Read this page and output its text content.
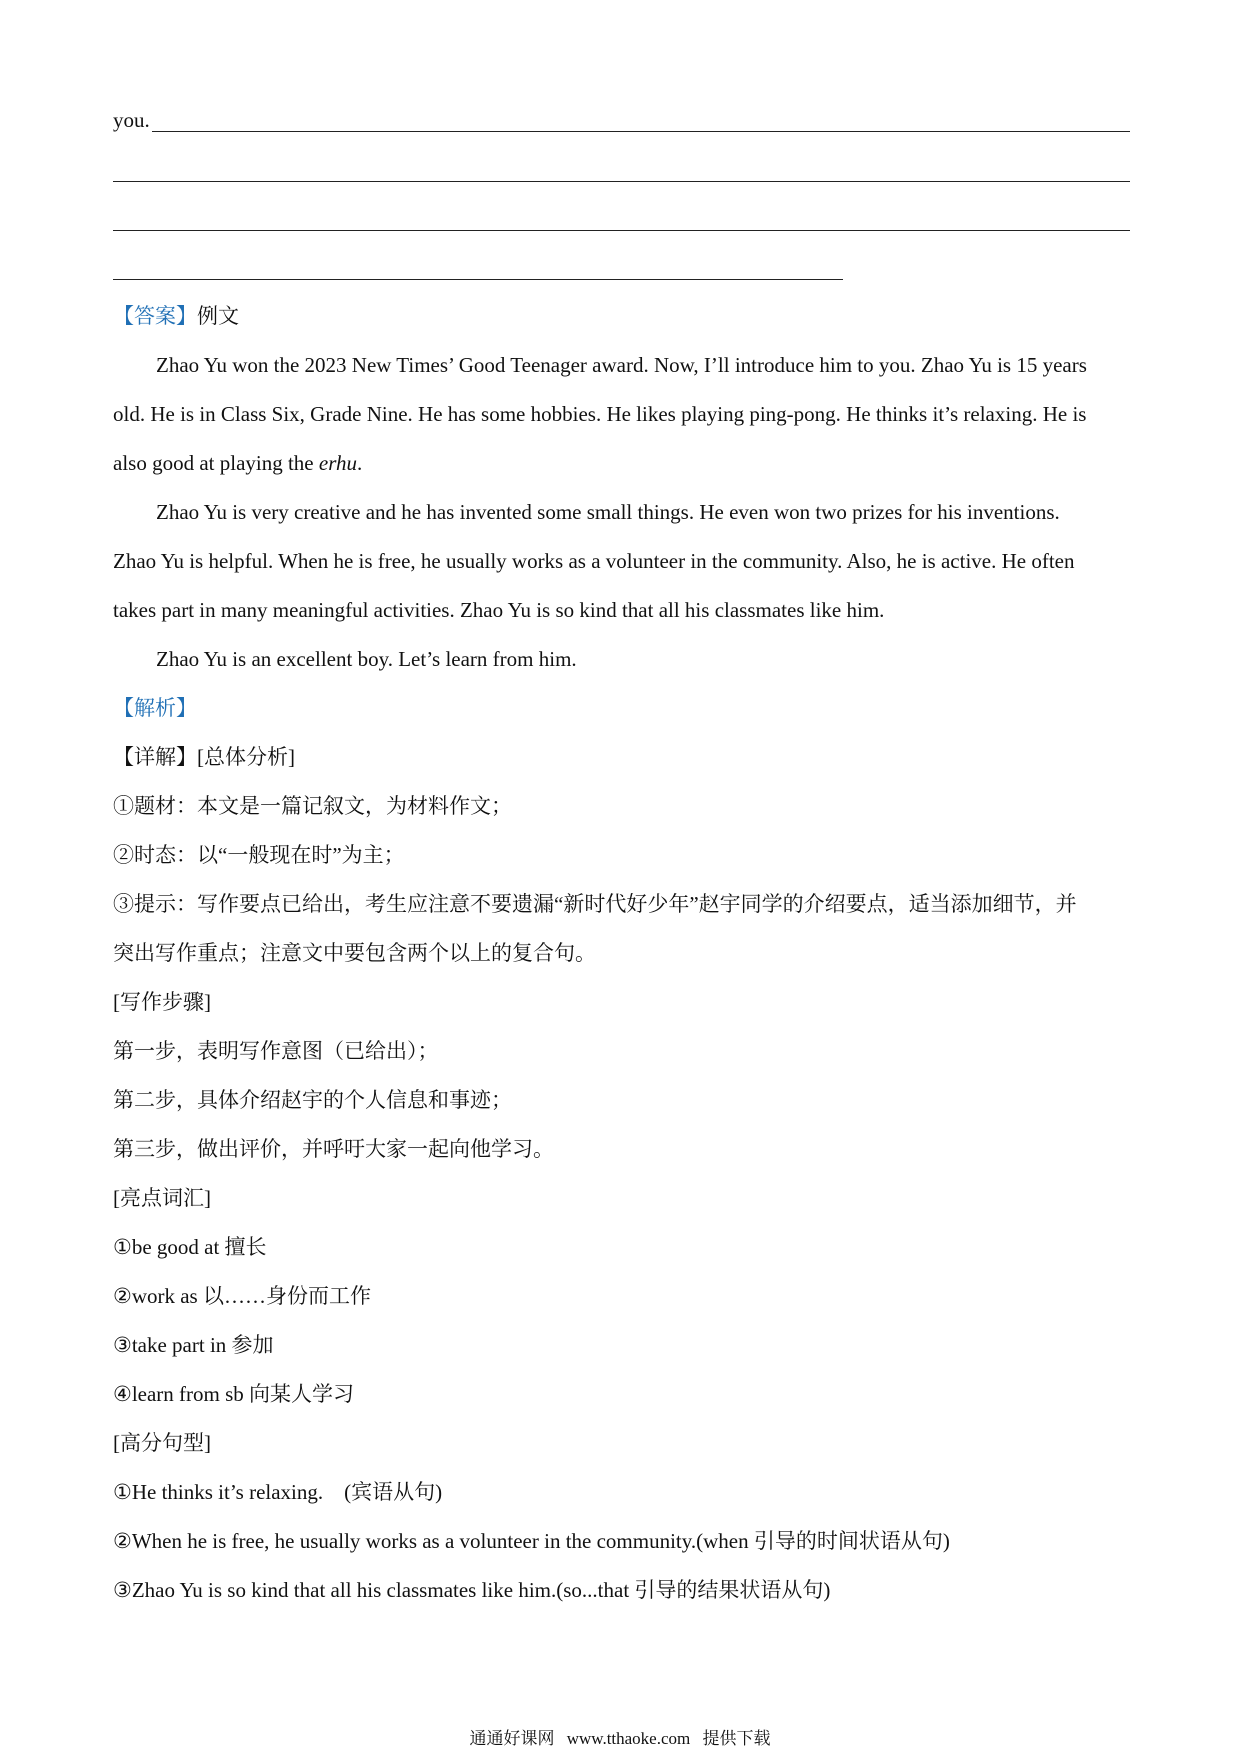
you.
【答案】例文
Zhao Yu won the 2023 New Times’ Good Teenager award. Now, I’ll introduce him to you. Zhao Yu is 15 years
old. He is in Class Six, Grade Nine. He has some hobbies. He likes playing ping-pong. He thinks it’s relaxing. He is
also good at playing the erhu.
Zhao Yu is very creative and he has invented some small things. He even won two prizes for his inventions.
Zhao Yu is helpful. When he is free, he usually works as a volunteer in the community. Also, he is active. He often
takes part in many meaningful activities. Zhao Yu is so kind that all his classmates like him.
Zhao Yu is an excellent boy. Let’s learn from him.
【解析】
【详解】[总体分析]
①题材：本文是一篇记叙文，为材料作文；
②时态：以“一般现在时”为主；
③提示：写作要点已给出，考生应注意不要遗漏“新时代好少年”赵宇同学的介绍要点，适当添加细节，并
突出写作重点；注意文中要包含两个以上的复合句。
[写作步骤]
第一步，表明写作意图（已给出）；
第二步，具体介绍赵宇的个人信息和事迹；
第三步，做出评价，并呼吁大家一起向他学习。
[亮点词汇]
①be good at 擅长
②work as 以……身份而工作
③take part in 参加
④learn from sb 向某人学习
[高分句型]
①He thinks it’s relaxing.　(宾语从句)
②When he is free, he usually works as a volunteer in the community.(when 引导的时间状语从句)
③Zhao Yu is so kind that all his classmates like him.(so...that 引导的结果状语从句)
通通好课网 www.tthaoke.com 提供下载
